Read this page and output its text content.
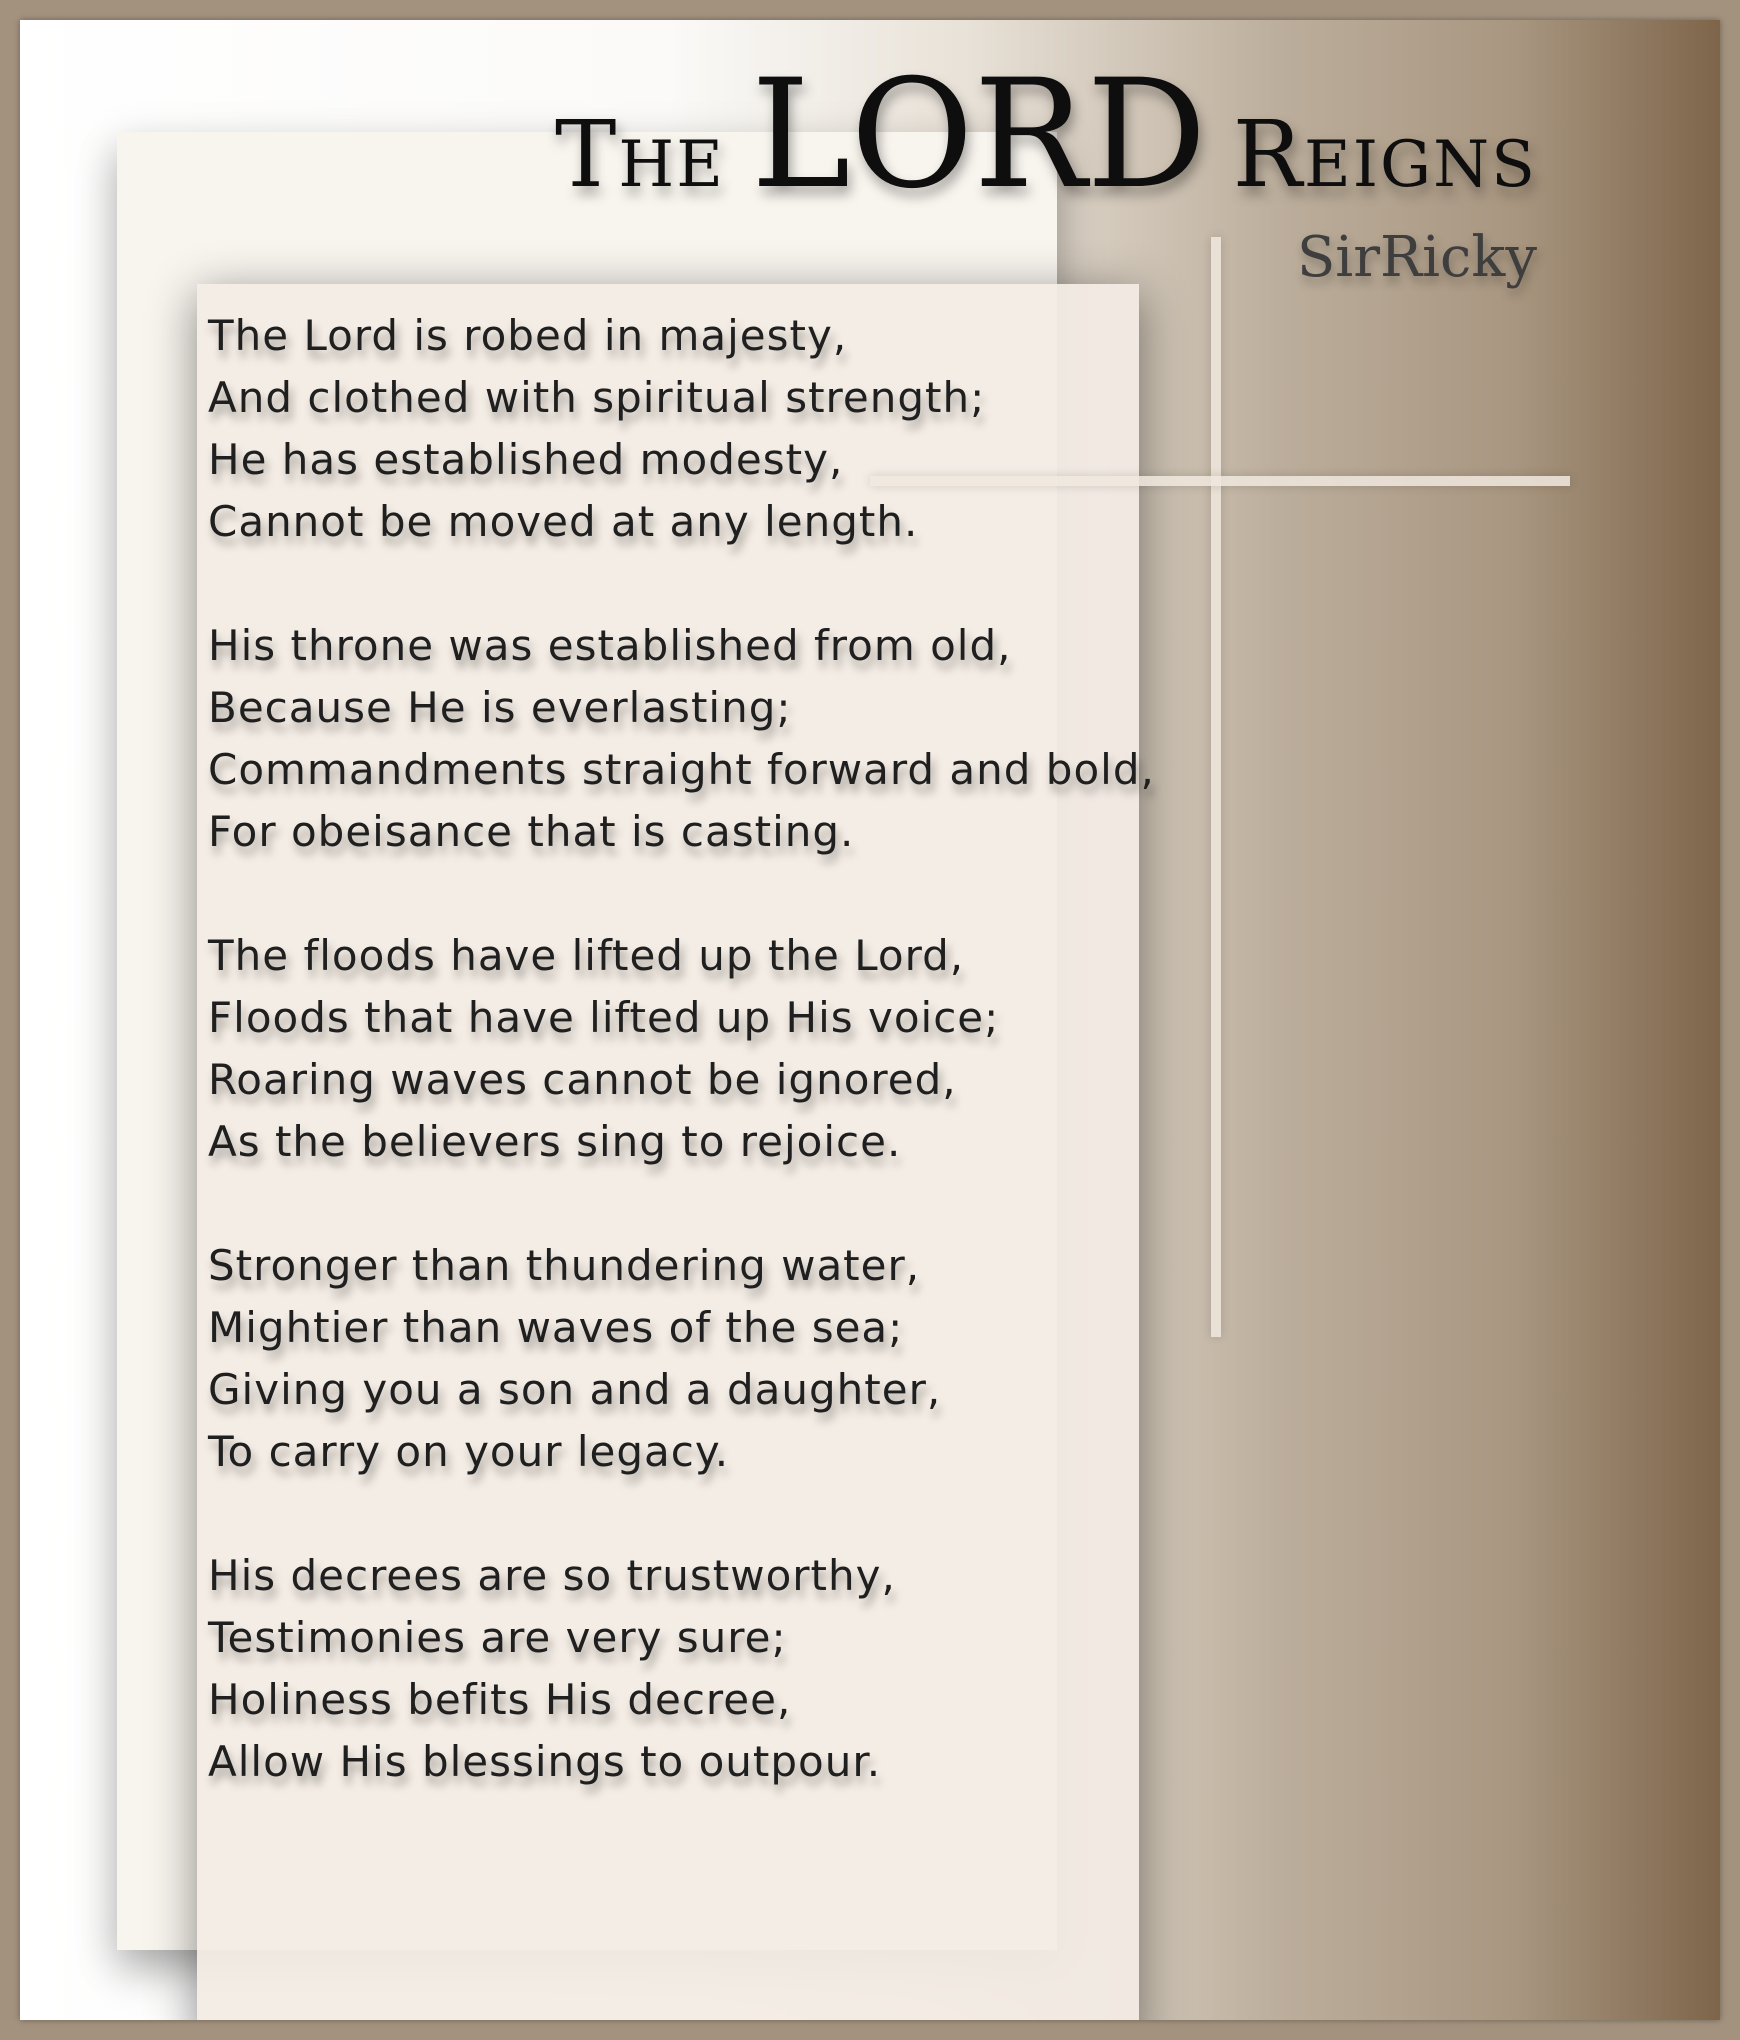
The LORD Reigns
SirRicky
The Lord is robed in majesty,
And clothed with spiritual strength;
He has established modesty,
Cannot be moved at any length.
His throne was established from old,
Because He is everlasting;
Commandments straight forward and bold,
For obeisance that is casting.
The floods have lifted up the Lord,
Floods that have lifted up His voice;
Roaring waves cannot be ignored,
As the believers sing to rejoice.
Stronger than thundering water,
Mightier than waves of the sea;
Giving you a son and a daughter,
To carry on your legacy.
His decrees are so trustworthy,
Testimonies are very sure;
Holiness befits His decree,
Allow His blessings to outpour.
